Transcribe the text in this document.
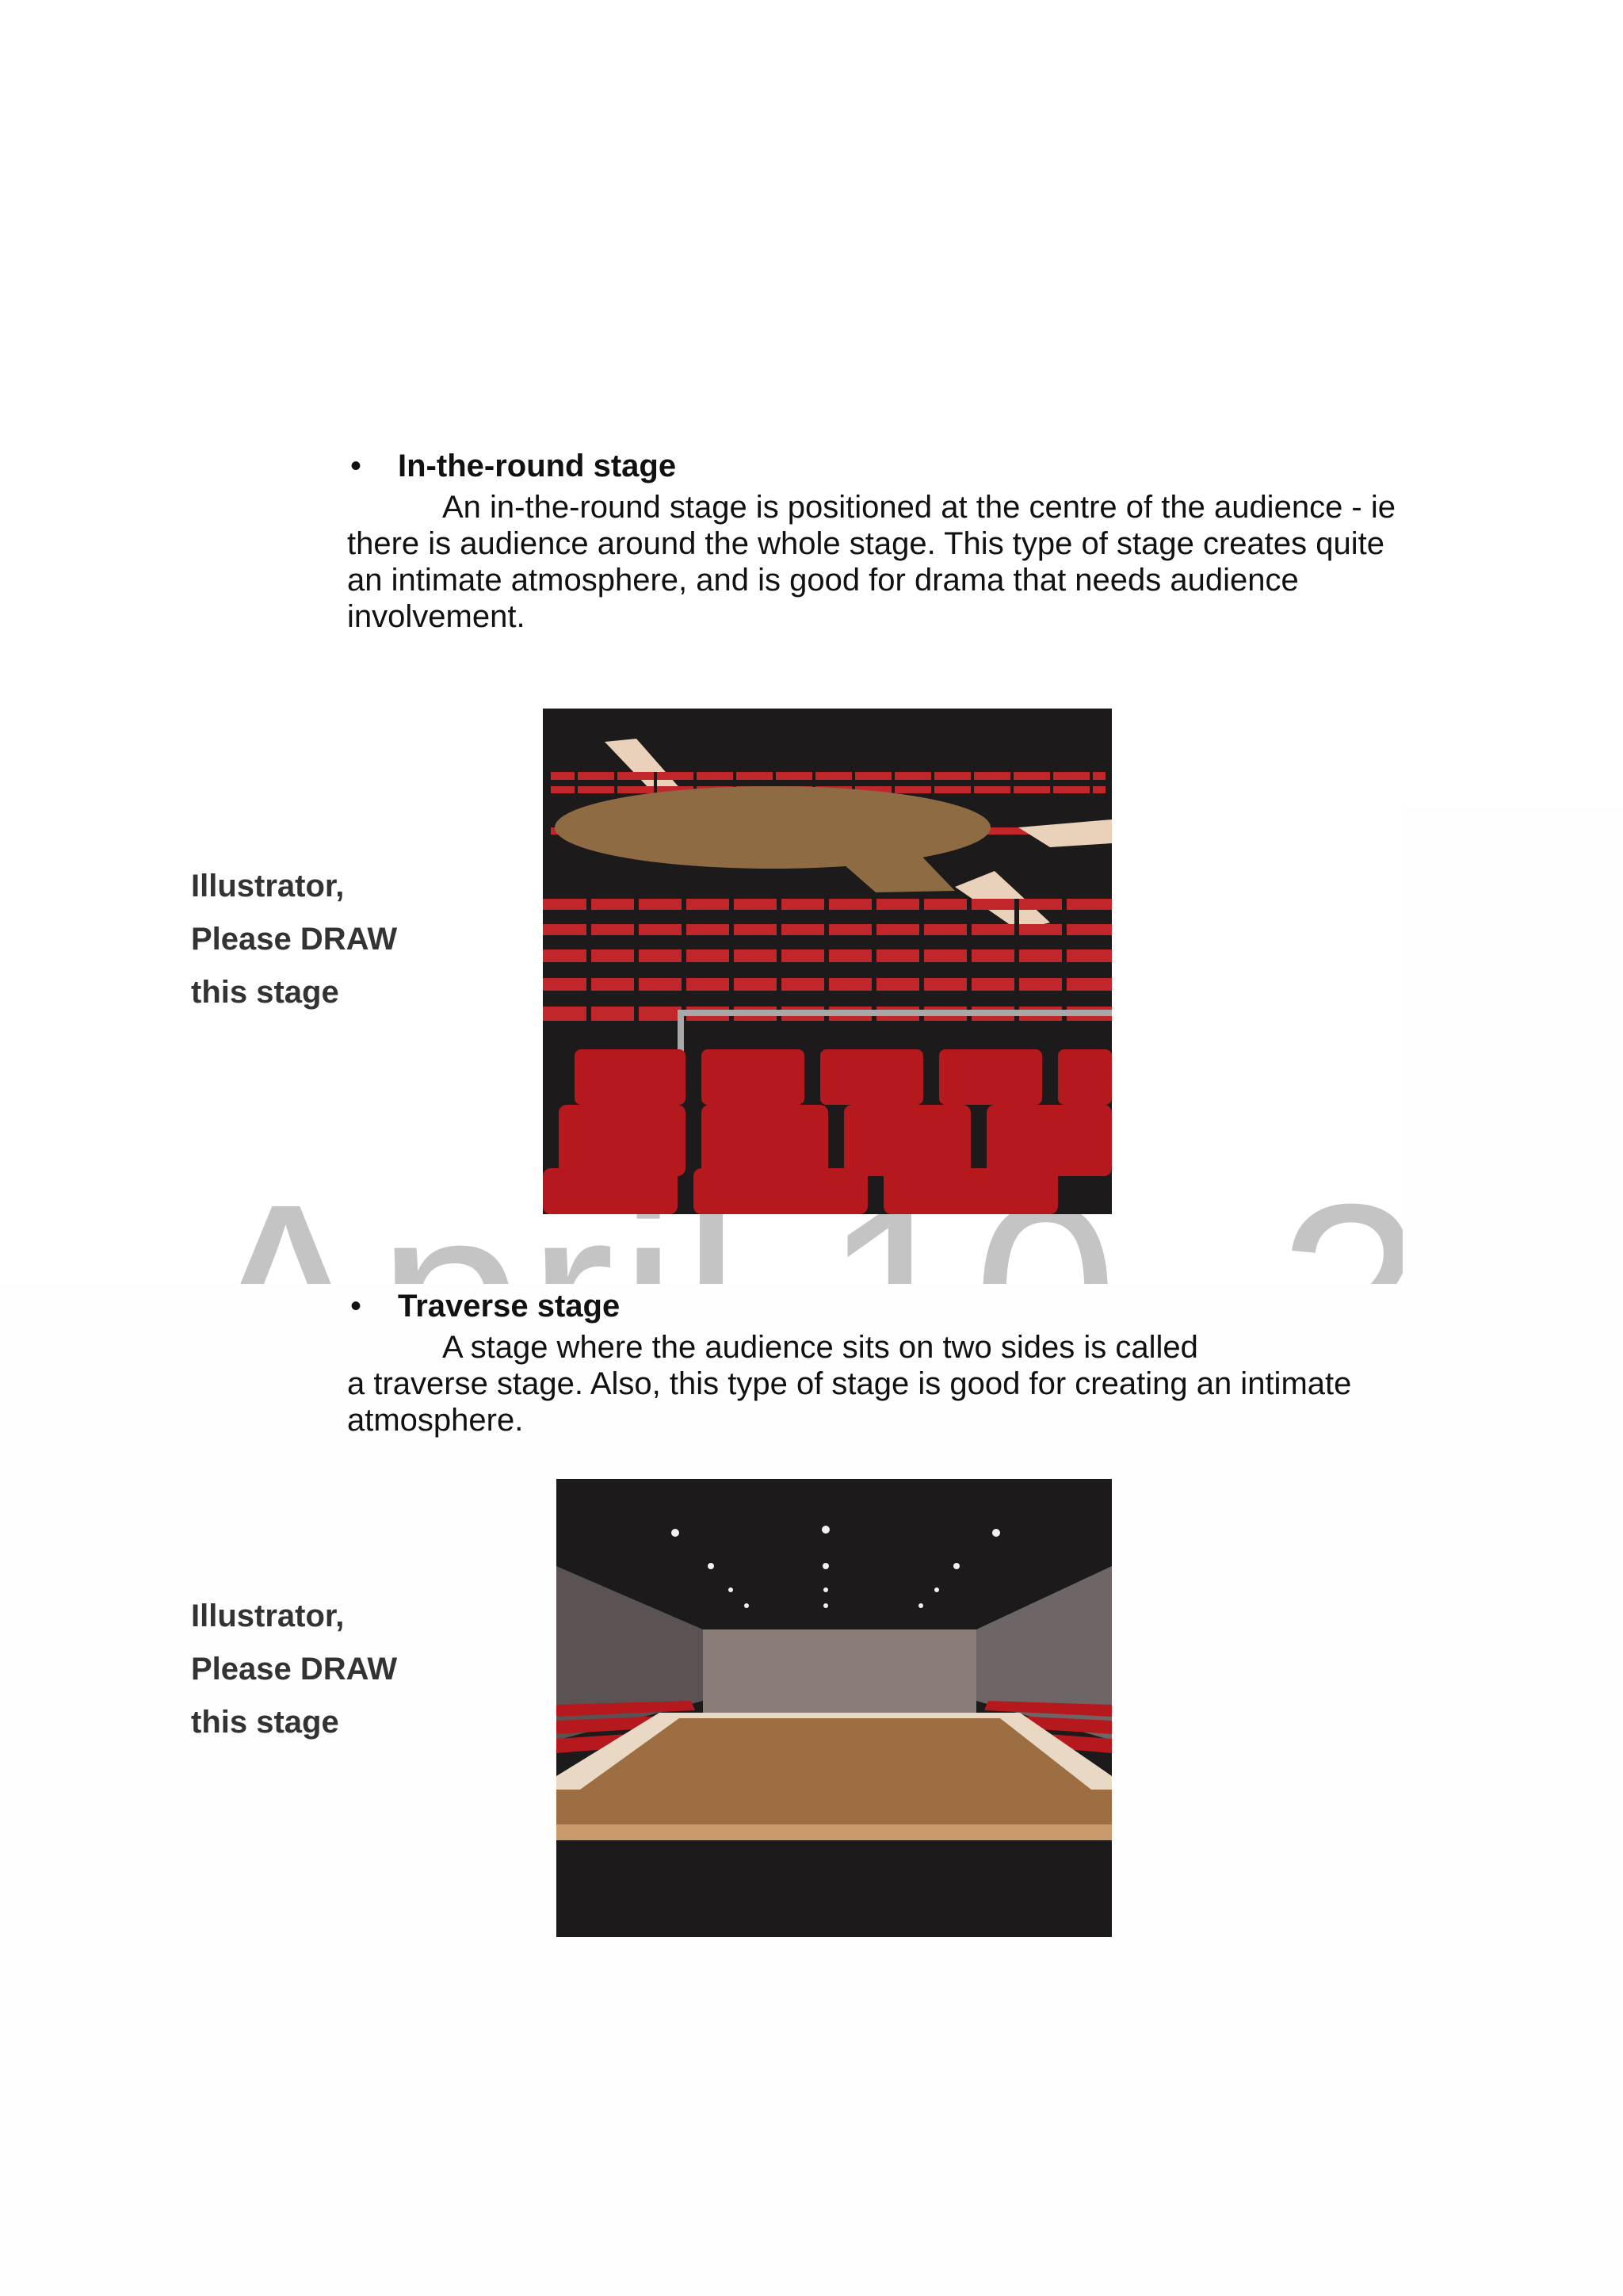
•	In-the-round stage
An in-the-round stage is positioned at the centre of the audience - ie
there is audience around the whole stage. This type of stage creates quite
an intimate atmosphere, and is good for drama that needs audience
involvement.
Illustrator,
Please DRAW
this stage
•	Traverse stage
A stage where the audience sits on two sides is called
a traverse stage. Also, this type of stage is good for creating an intimate
atmosphere.
Illustrator,
Please DRAW
this stage
